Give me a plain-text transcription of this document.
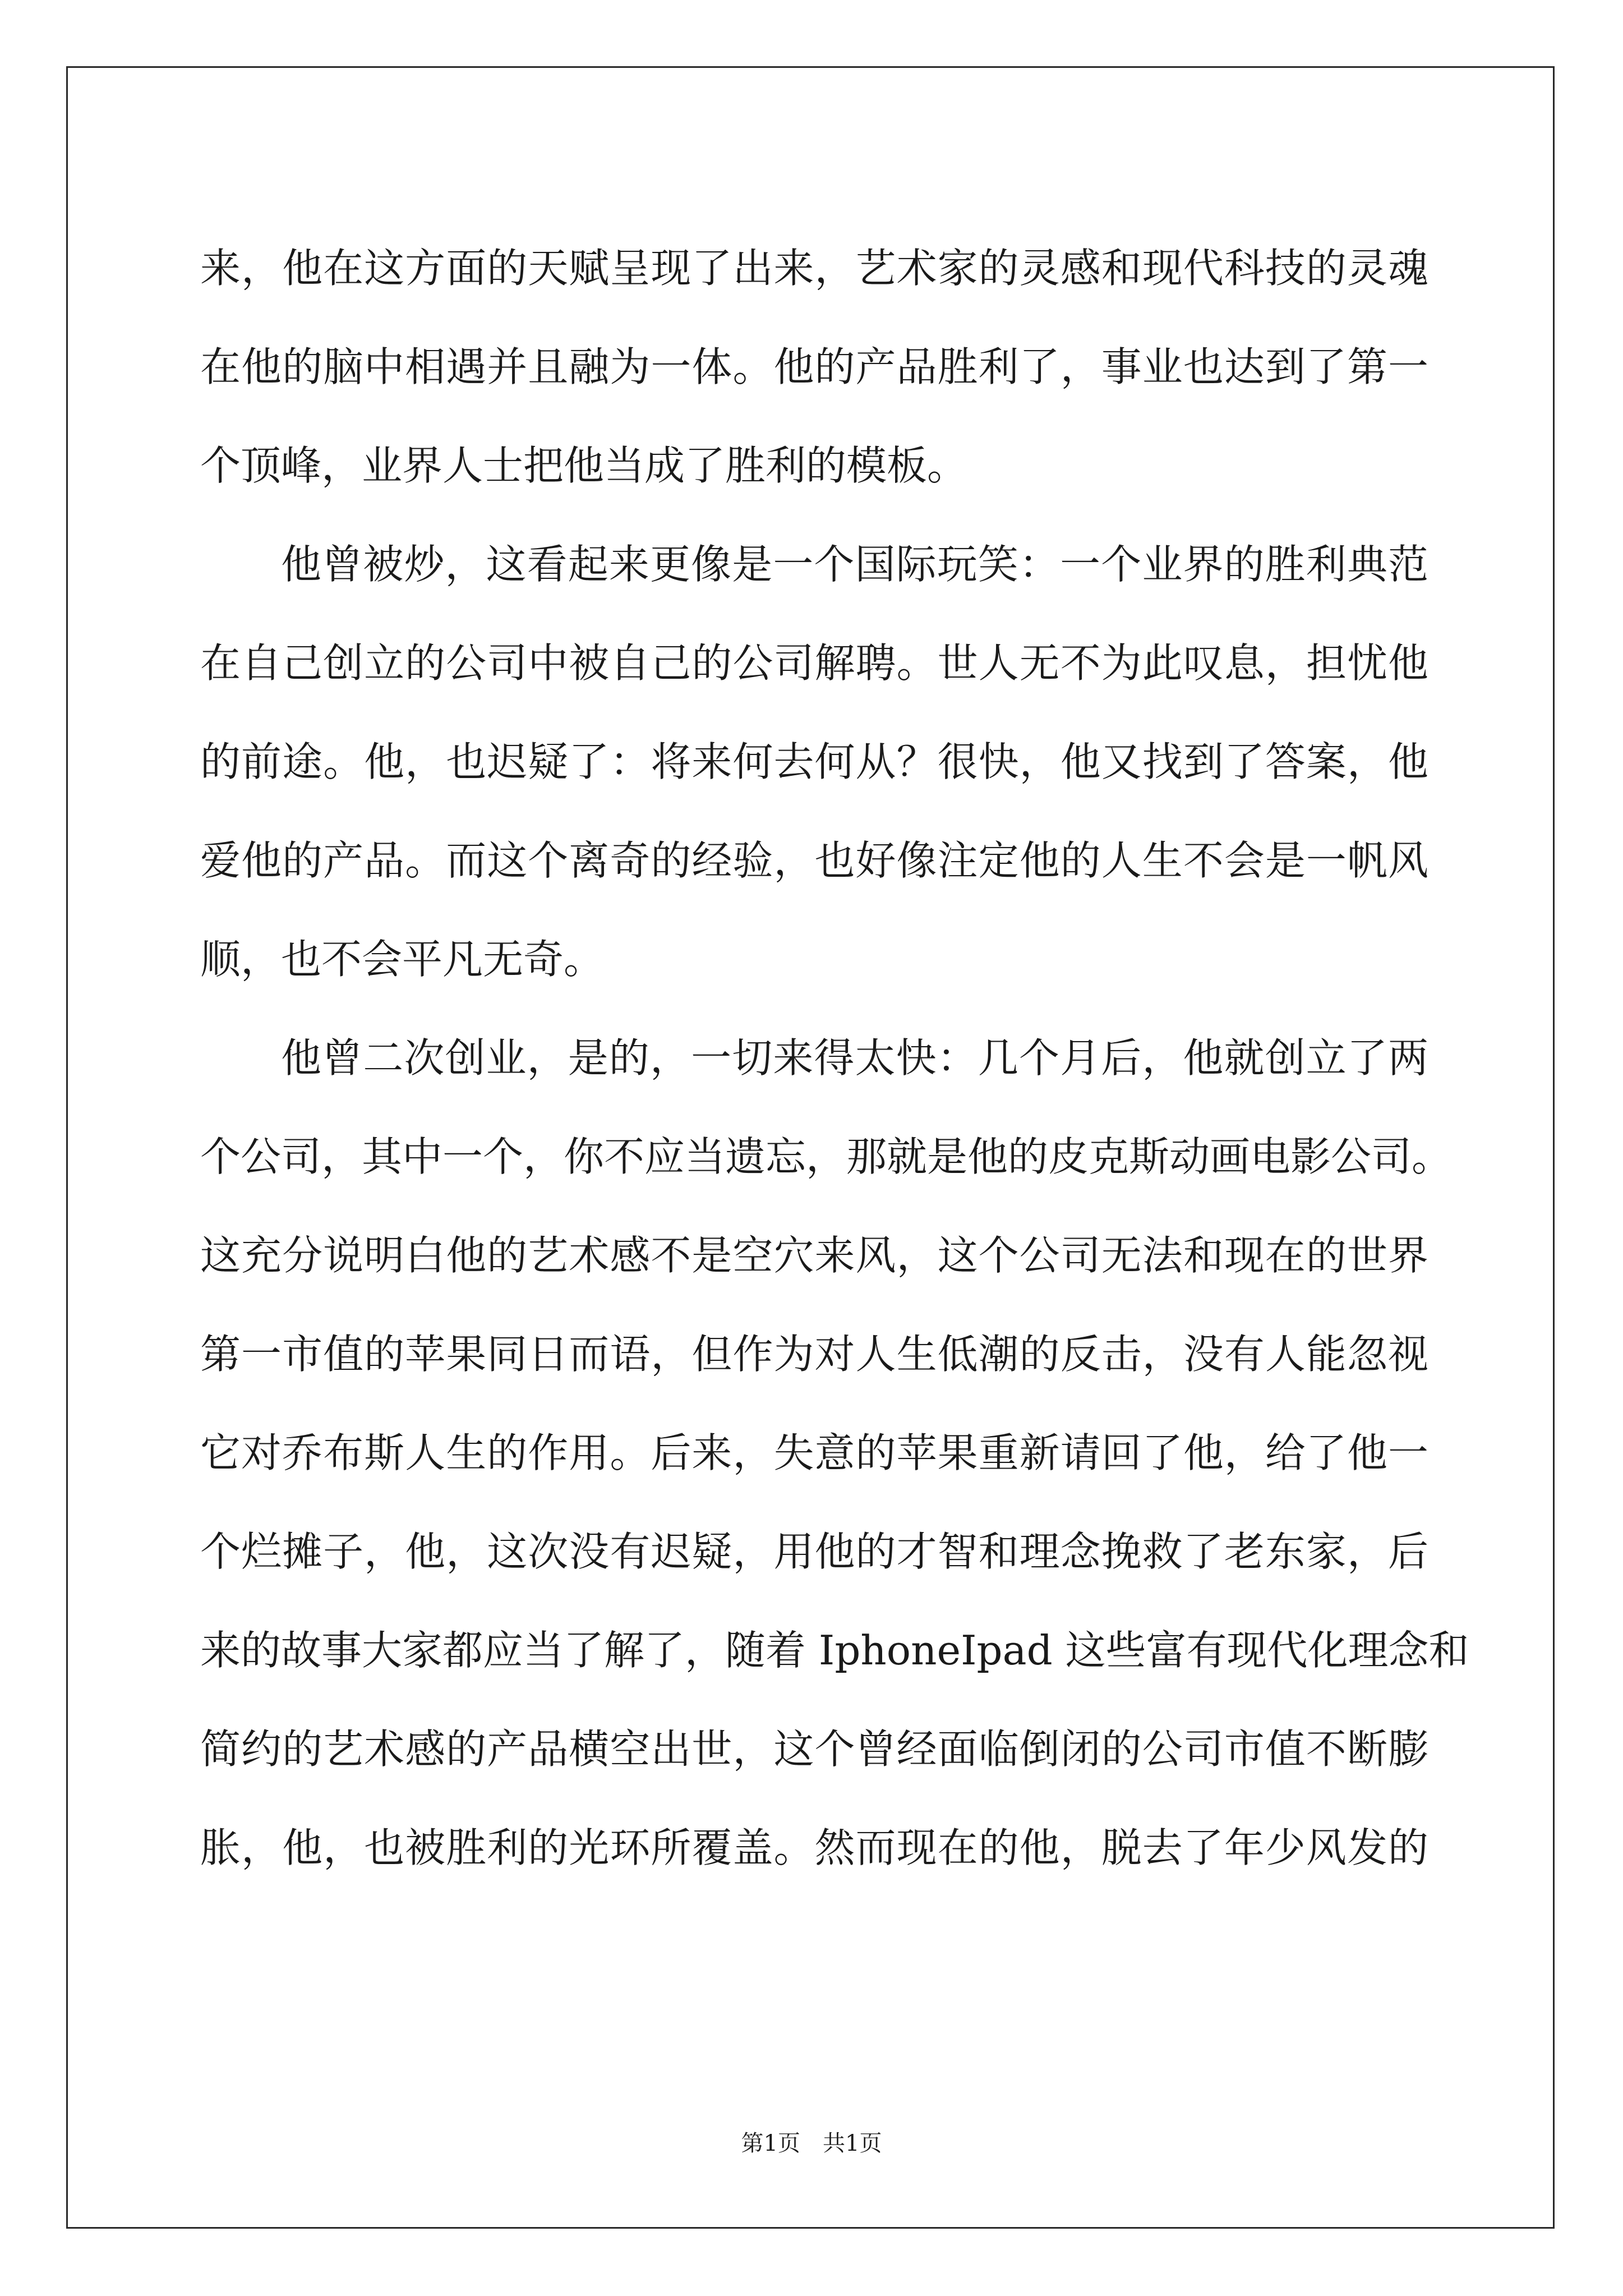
来，他在这方面的天赋呈现了出来，艺术家的灵感和现代科技的灵魂
在他的脑中相遇并且融为一体。他的产品胜利了，事业也达到了第一
个顶峰，业界人士把他当成了胜利的模板。
他曾被炒，这看起来更像是一个国际玩笑：一个业界的胜利典范
在自己创立的公司中被自己的公司解聘。世人无不为此叹息，担忧他
的前途。他，也迟疑了：将来何去何从？很快，他又找到了答案，他
爱他的产品。而这个离奇的经验，也好像注定他的人生不会是一帆风
顺，也不会平凡无奇。
他曾二次创业，是的，一切来得太快：几个月后，他就创立了两
个公司，其中一个，你不应当遗忘，那就是他的皮克斯动画电影公司。
这充分说明白他的艺术感不是空穴来风，这个公司无法和现在的世界
第一市值的苹果同日而语，但作为对人生低潮的反击，没有人能忽视
它对乔布斯人生的作用。后来，失意的苹果重新请回了他，给了他一
个烂摊子，他，这次没有迟疑，用他的才智和理念挽救了老东家，后
来的故事大家都应当了解了，随着 IphoneIpad 这些富有现代化理念和
简约的艺术感的产品横空出世，这个曾经面临倒闭的公司市值不断膨
胀，他，也被胜利的光环所覆盖。然而现在的他，脱去了年少风发的
第1页　共1页
